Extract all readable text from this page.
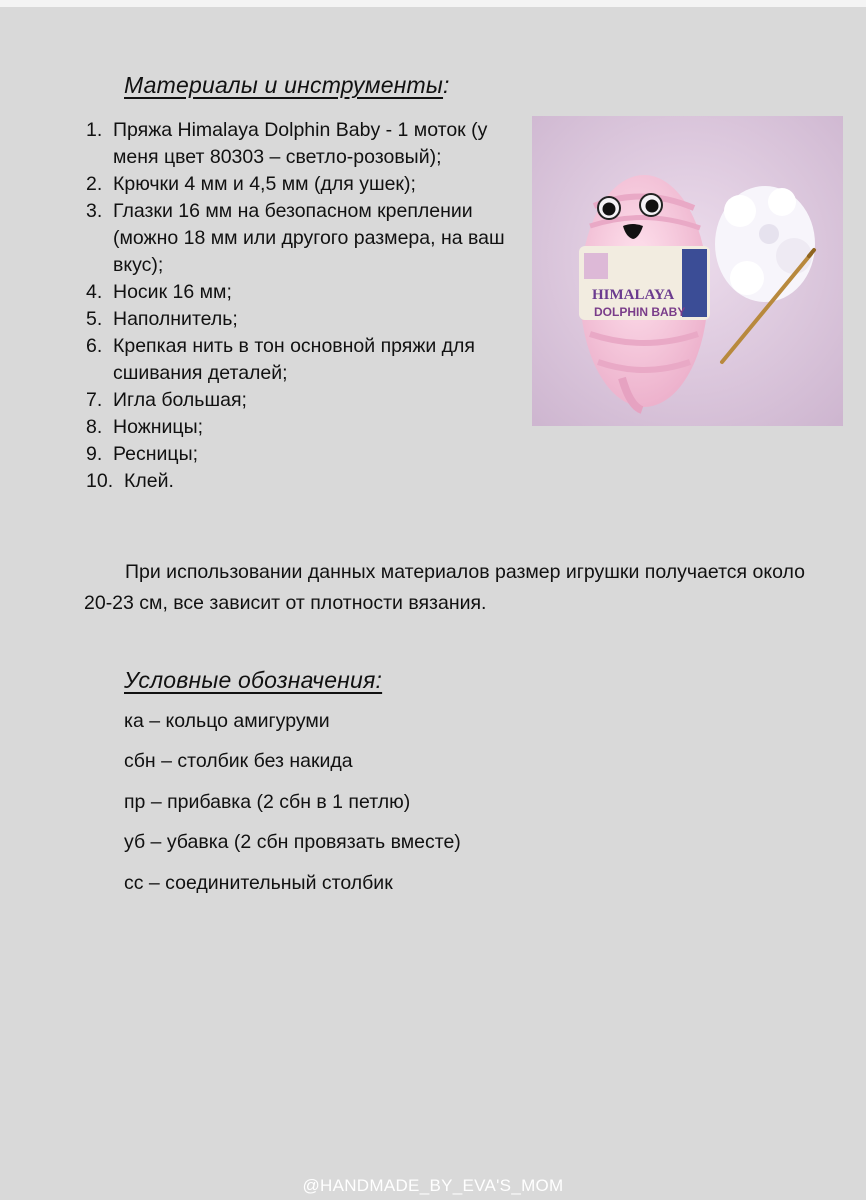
Материалы и инструменты:
1. Пряжа Himalaya Dolphin Baby - 1 моток (у меня цвет 80303 – светло-розовый);
2. Крючки 4 мм и 4,5 мм (для ушек);
3. Глазки 16 мм на безопасном креплении (можно 18 мм или другого размера, на ваш вкус);
4. Носик 16 мм;
5. Наполнитель;
6. Крепкая нить в тон основной пряжи для сшивания деталей;
7. Игла большая;
8. Ножницы;
9. Ресницы;
10. Клей.
HIMALAYA
DOLPHIN BABY
При использовании данных материалов размер игрушки получается около 20-23 см, все зависит от плотности вязания.
Условные обозначения:
ка – кольцо амигуруми
сбн – столбик без накида
пр – прибавка (2 сбн в 1 петлю)
уб – убавка (2 сбн провязать вместе)
сс – соединительный столбик
@HANDMADE_BY_EVA'S_MOM
